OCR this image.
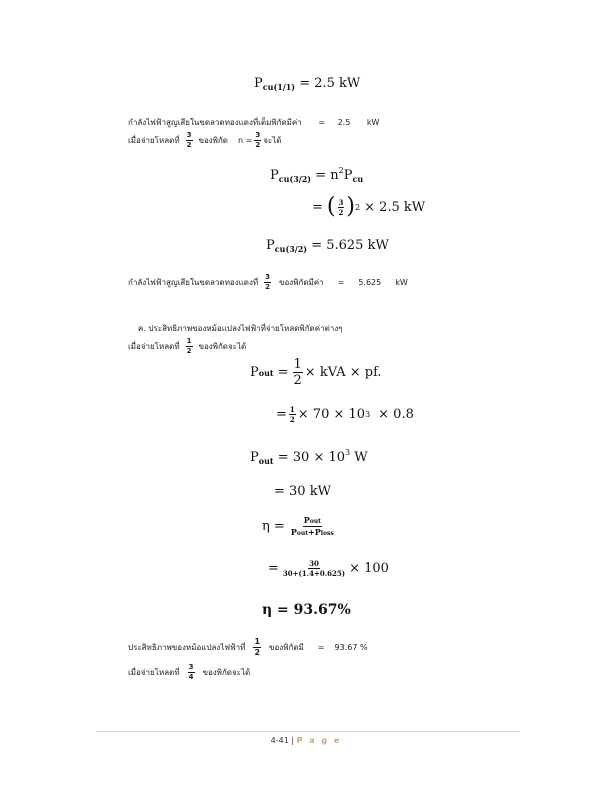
$P_{cu(1/1)} = 2.5$ kW
กำลังไฟฟ้าสูญเสียในขดลวดทองแดงที่เต็มพิกัดมีค่า = 2.5 kW
เมื่อจ่ายโหลดที่ $\frac{3}{2}$ ของพิกัด $n = \frac{3}{2}$ จะได้
$P_{cu(3/2)} = n^2P_{cu}$
= ( $\frac{3}{2}$ ) 2 × 2.5 kW
$P_{cu(3/2)} = 5.625$ kW
กำลังไฟฟ้าสูญเสียในขดลวดทองแดงที่ $\frac{3}{2}$ ของพิกัดมีค่า = 5.625 kW
ค. ประสิทธิภาพของหม้อแปลงไฟฟ้าที่จ่ายโหลดพิกัดค่าต่างๆ
เมื่อจ่ายโหลดที่ $\frac{1}{2}$ ของพิกัดจะได้
P out = $\frac{1}{2}$ × kVA × pf.
= $\frac{1}{2} \times 70 \times 10$ 3 × 0.8
$P_{out} = 30 \times 10^3$ W
= 30 kW
$\eta = \frac{\text{Pout}}{\text{Pout+Ploss}}$
= $\frac{30}{30+(1.4+0.625)} \times 100$
η = 93.67%
ประสิทธิภาพของหม้อแปลงไฟฟ้าที่ $\frac{1}{2}$ ของพิกัดมี = 93.67 %
เมื่อจ่ายโหลดที่ $\frac{3}{4}$ ของพิกัดจะได้
4-41 | P a g e
